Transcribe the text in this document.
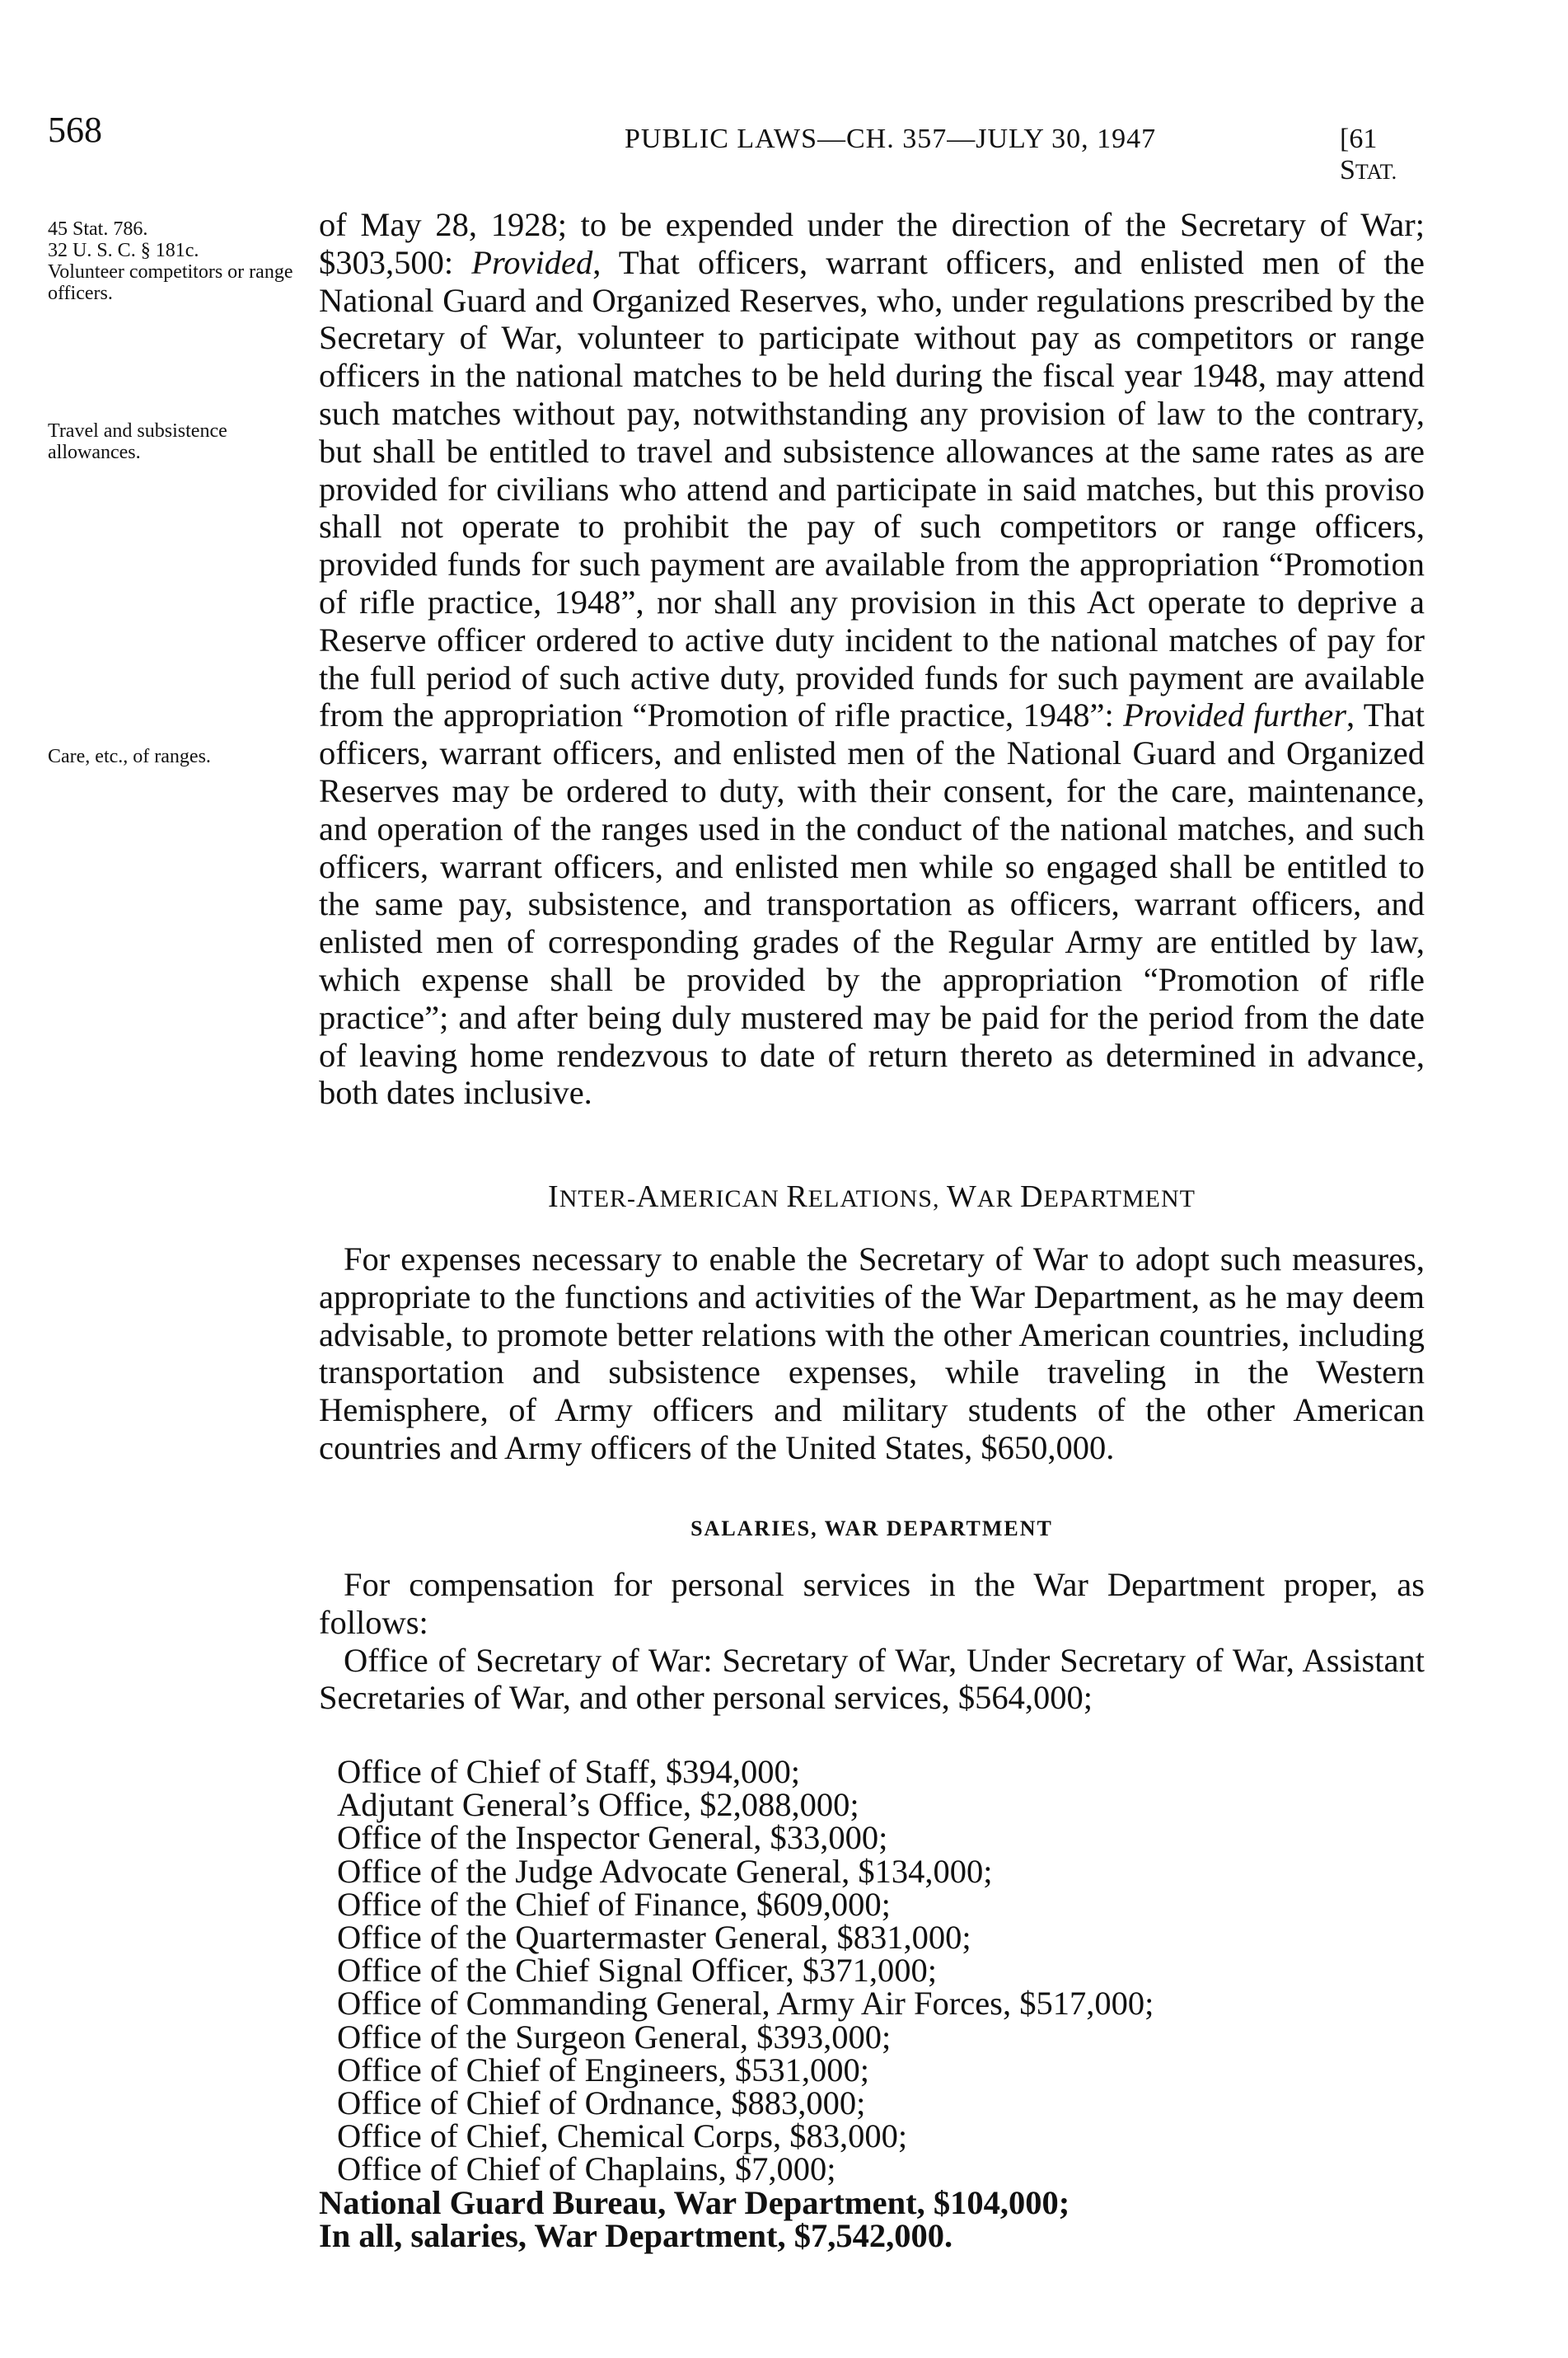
568	PUBLIC LAWS—CH. 357—JULY 30, 1947	[61 STAT.
45 Stat. 786.
32 U. S. C. § 181c.
Volunteer competitors or range officers.
Travel and subsistence allowances.
Care, etc., of ranges.

of May 28, 1928; to be expended under the direction of the Secretary of War; $303,500: Provided, That officers, warrant officers, and enlisted men of the National Guard and Organized Reserves, who, under regulations prescribed by the Secretary of War, volunteer to participate without pay as competitors or range officers in the national matches to be held during the fiscal year 1948, may attend such matches without pay, notwithstanding any provision of law to the contrary, but shall be entitled to travel and subsistence allowances at the same rates as are provided for civilians who attend and participate in said matches, but this proviso shall not operate to prohibit the pay of such competitors or range officers, provided funds for such payment are available from the appropriation “Promotion of rifle practice, 1948”, nor shall any provision in this Act operate to deprive a Reserve officer ordered to active duty incident to the national matches of pay for the full period of such active duty, provided funds for such payment are available from the appropriation “Promotion of rifle practice, 1948”: Provided further, That officers, warrant officers, and enlisted men of the National Guard and Organized Reserves may be ordered to duty, with their consent, for the care, maintenance, and operation of the ranges used in the conduct of the national matches, and such officers, warrant officers, and enlisted men while so engaged shall be entitled to the same pay, subsistence, and transportation as officers, warrant officers, and enlisted men of corresponding grades of the Regular Army are entitled by law, which expense shall be provided by the appropriation “Promotion of rifle practice”; and after being duly mustered may be paid for the period from the date of leaving home rendezvous to date of return thereto as determined in advance, both dates inclusive.

INTER-AMERICAN RELATIONS, WAR DEPARTMENT

For expenses necessary to enable the Secretary of War to adopt such measures, appropriate to the functions and activities of the War Department, as he may deem advisable, to promote better relations with the other American countries, including transportation and subsistence expenses, while traveling in the Western Hemisphere, of Army officers and military students of the other American countries and Army officers of the United States, $650,000.

SALARIES, WAR DEPARTMENT

For compensation for personal services in the War Department proper, as follows:

Office of Secretary of War: Secretary of War, Under Secretary of War, Assistant Secretaries of War, and other personal services, $564,000;

Office of Chief of Staff, $394,000;
Adjutant General’s Office, $2,088,000;
Office of the Inspector General, $33,000;
Office of the Judge Advocate General, $134,000;
Office of the Chief of Finance, $609,000;
Office of the Quartermaster General, $831,000;
Office of the Chief Signal Officer, $371,000;
Office of Commanding General, Army Air Forces, $517,000;
Office of the Surgeon General, $393,000;
Office of Chief of Engineers, $531,000;
Office of Chief of Ordnance, $883,000;
Office of Chief, Chemical Corps, $83,000;
Office of Chief of Chaplains, $7,000;
National Guard Bureau, War Department, $104,000;
In all, salaries, War Department, $7,542,000.
